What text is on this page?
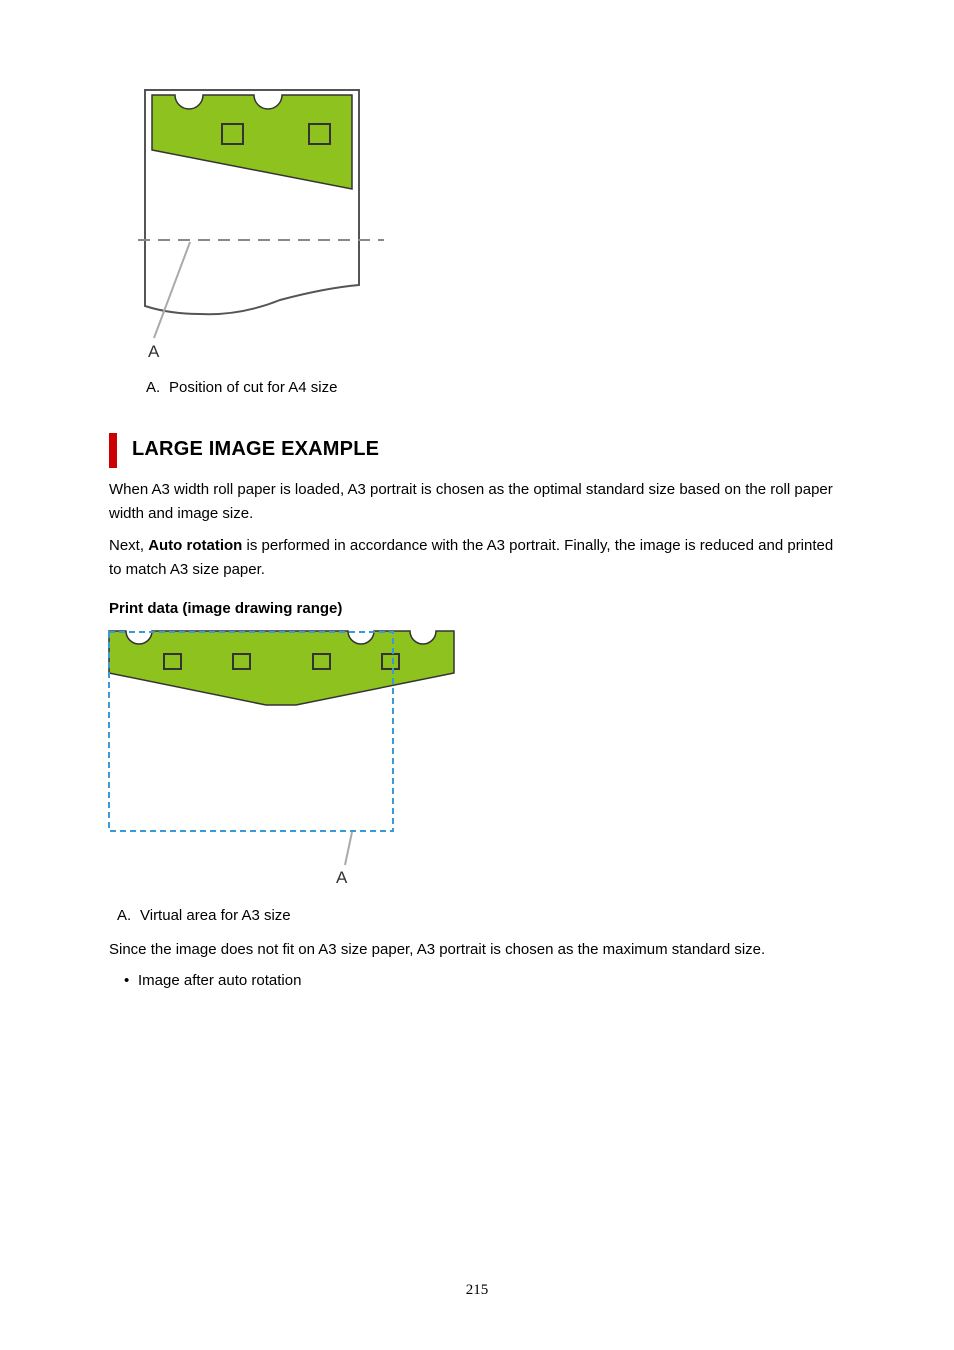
A
A. Position of cut for A4 size
LARGE IMAGE EXAMPLE
When A3 width roll paper is loaded, A3 portrait is chosen as the optimal standard size based on the roll paper width and image size.
Next, Auto rotation is performed in accordance with the A3 portrait. Finally, the image is reduced and printed to match A3 size paper.
Print data (image drawing range)
A
A. Virtual area for A3 size
Since the image does not fit on A3 size paper, A3 portrait is chosen as the maximum standard size.
• Image after auto rotation
215
